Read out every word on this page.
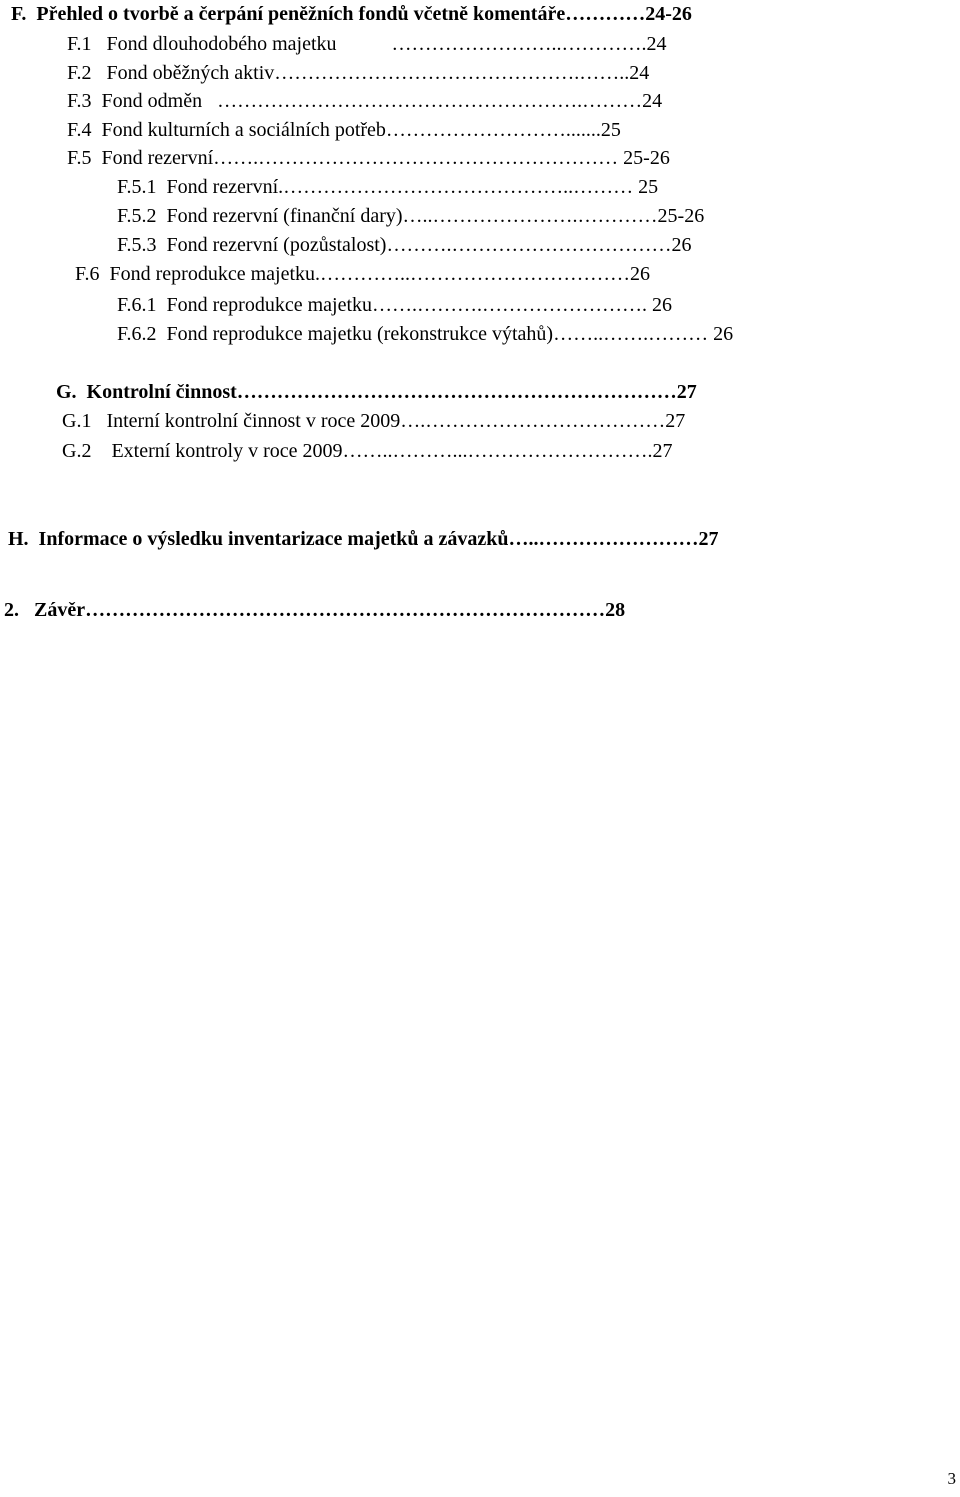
F.  Přehled o tvorbě a čerpání peněžních fondů včetně komentáře…………24-26
F.1   Fond dlouhodobého majetku           ……………………..………….24
F.2   Fond oběžných aktiv……………………………………….……..24
F.3  Fond odměn   ……………………………………………….………24
F.4  Fond kulturních a sociálních potřeb……………………….......25
F.5  Fond rezervní…….……………………………………………… 25-26
F.5.1  Fond rezervní.……………………………………..……… 25
F.5.2  Fond rezervní (finanční dary)…..………………….…………25-26
F.5.3  Fond rezervní (pozůstalost)……….……………………………26
F.6  Fond reprodukce majetku.…………..……………………………26
F.6.1  Fond reprodukce majetku…….……….……………………. 26
F.6.2  Fond reprodukce majetku (rekonstrukce výtahů)……..…….……… 26
G.  Kontrolní činnost…………………………………………………………27
G.1   Interní kontrolní činnost v roce 2009….………………………………27
G.2    Externí kontroly v roce 2009……..………...……………………….27
H.  Informace o výsledku inventarizace majetků a závazků…..……………………27
2.   Závěr……………………………………………………………………28
3
